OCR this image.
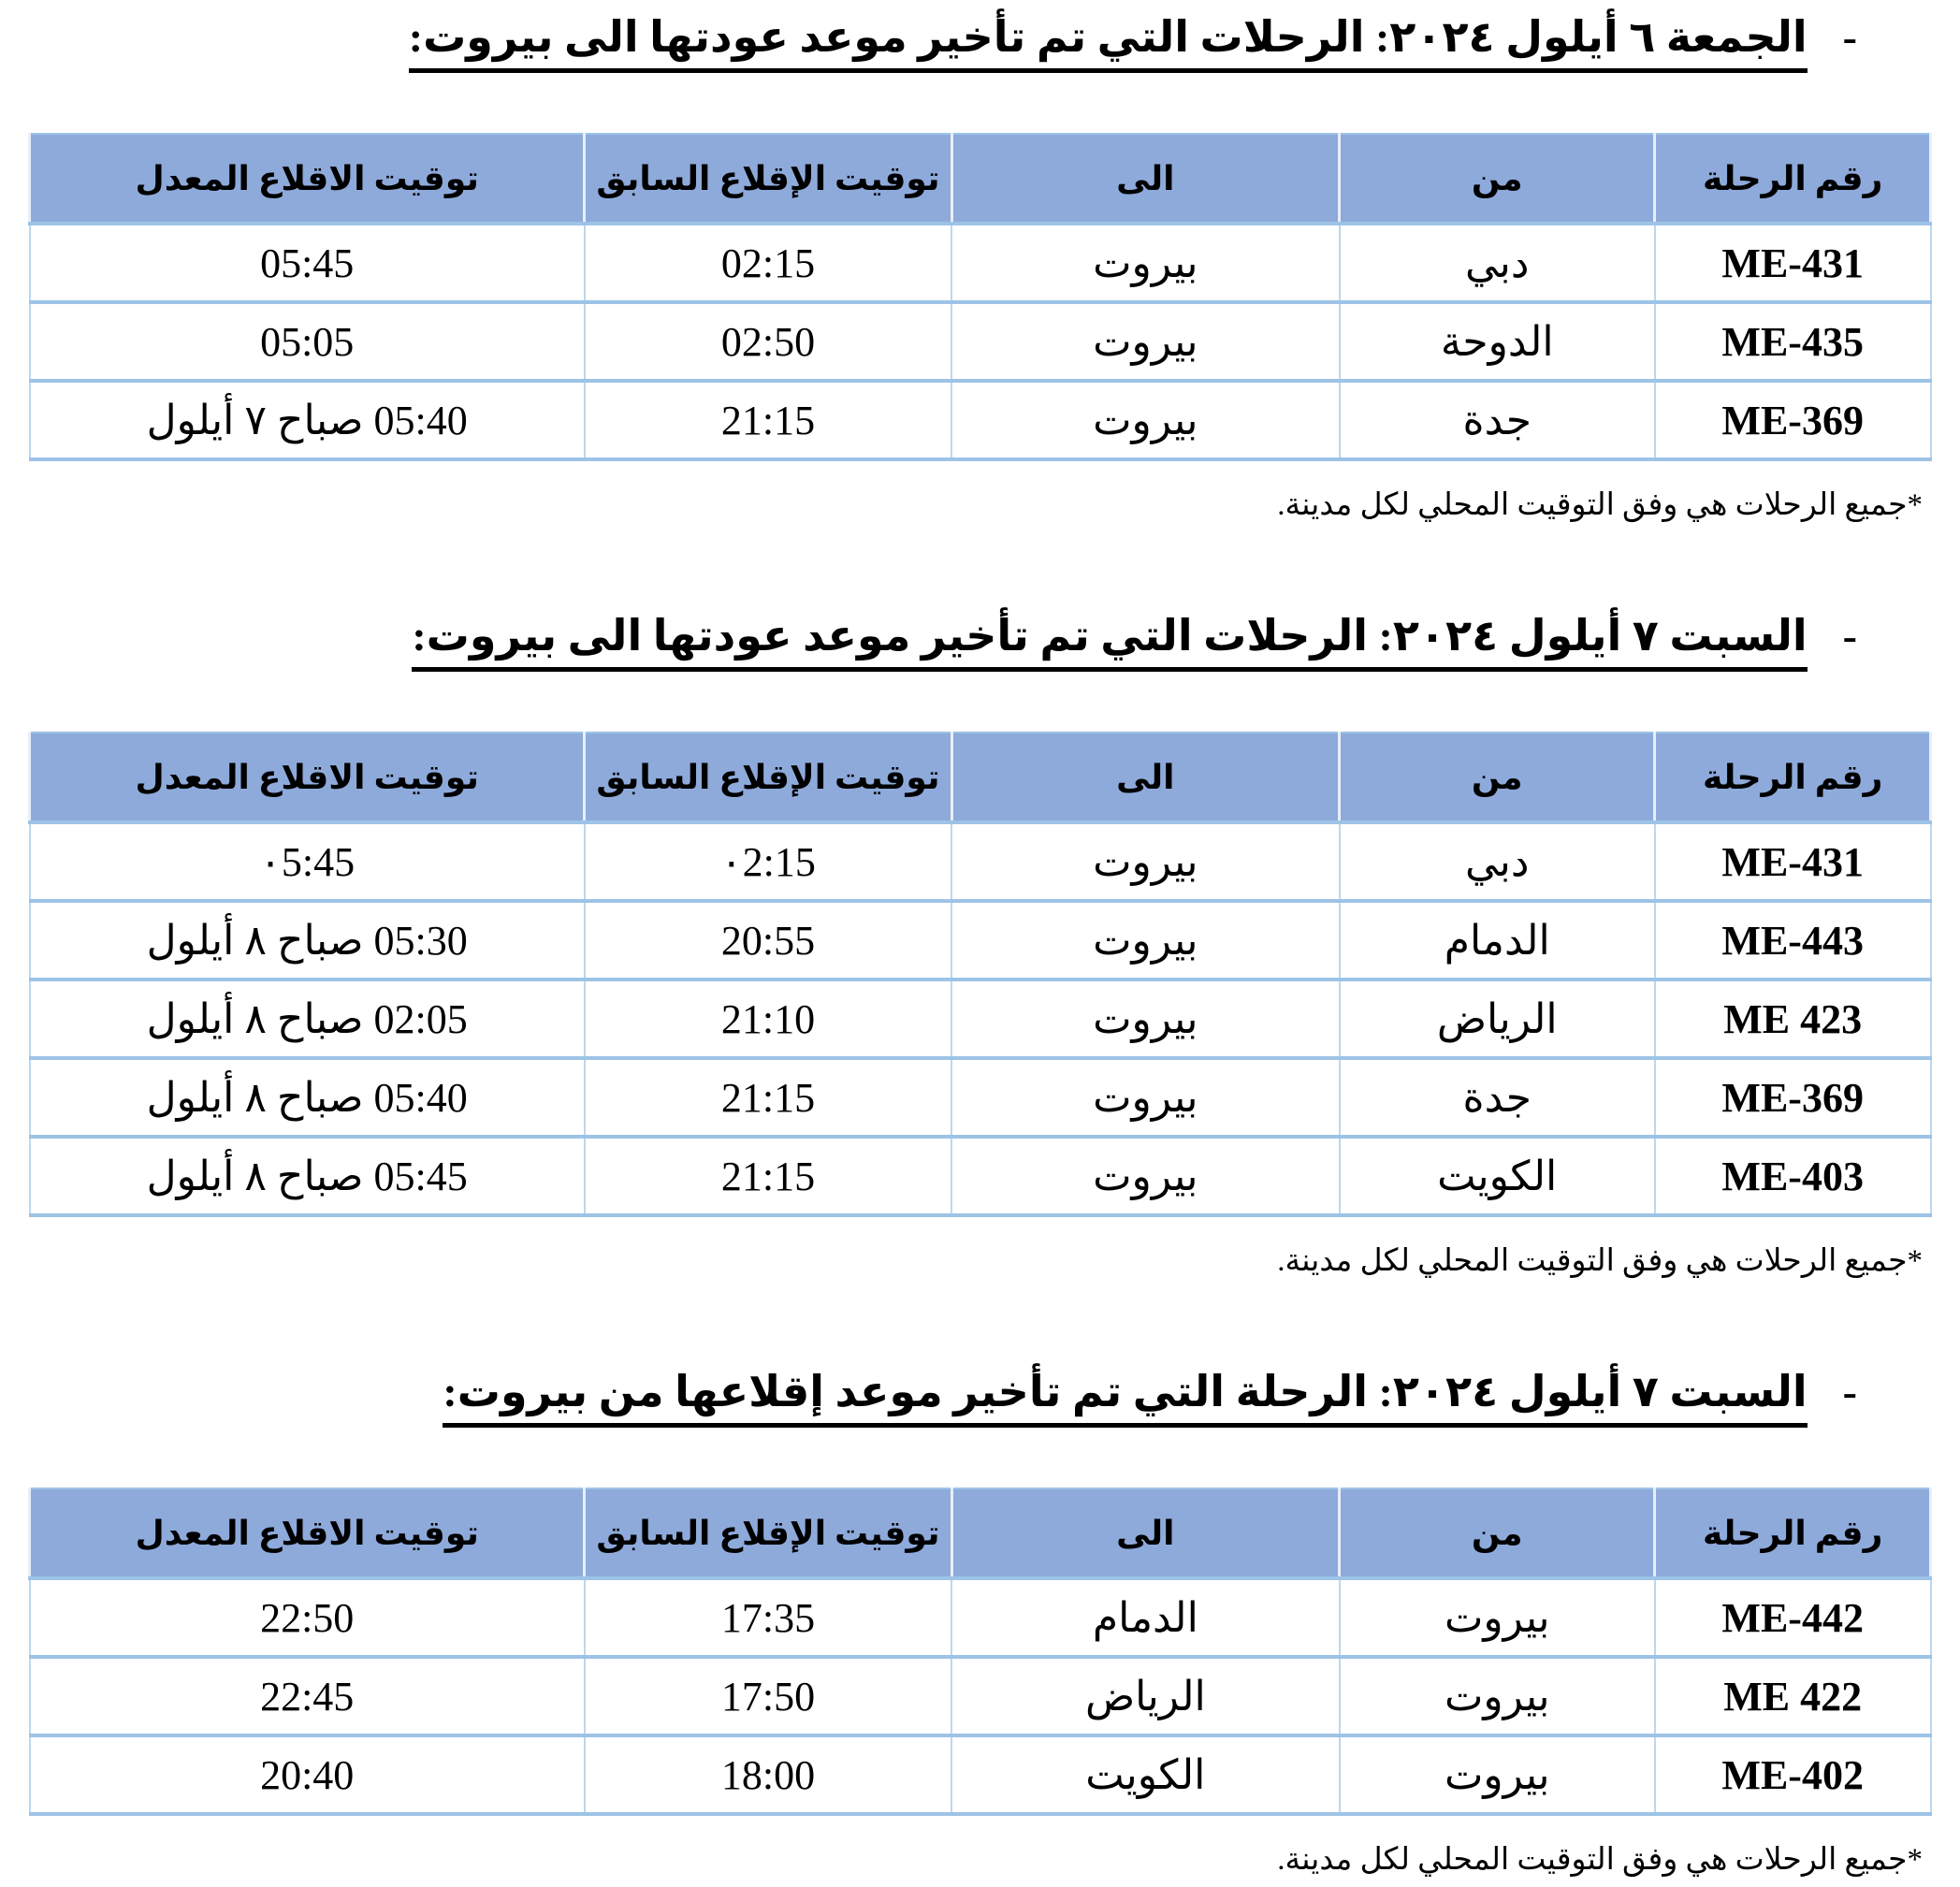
-
الجمعة ٦ أيلول ٢٠٢٤: الرحلات التي تم تأخير موعد عودتها الى بيروت:
رقم الرحلة	من	الى	توقيت الإقلاع السابق	توقيت الاقلاع المعدل
ME-431	دبي	بيروت	02:15	05:45
ME-435	الدوحة	بيروت	02:50	05:05
ME-369	جدة	بيروت	21:15	05:40 صباح ٧ أيلول

*جميع الرحلات هي وفق التوقيت المحلي لكل مدينة.

-
السبت ٧ أيلول ٢٠٢٤: الرحلات التي تم تأخير موعد عودتها الى بيروت:
رقم الرحلة	من	الى	توقيت الإقلاع السابق	توقيت الاقلاع المعدل
ME-431	دبي	بيروت	٠2:15	٠5:45
ME-443	الدمام	بيروت	20:55	05:30 صباح ٨ أيلول
ME 423	الرياض	بيروت	21:10	02:05 صباح ٨ أيلول
ME-369	جدة	بيروت	21:15	05:40 صباح ٨ أيلول
ME-403	الكويت	بيروت	21:15	05:45 صباح ٨ أيلول

*جميع الرحلات هي وفق التوقيت المحلي لكل مدينة.

-
السبت ٧ أيلول ٢٠٢٤: الرحلة التي تم تأخير موعد إقلاعها من بيروت:
رقم الرحلة	من	الى	توقيت الإقلاع السابق	توقيت الاقلاع المعدل
ME-442	بيروت	الدمام	17:35	22:50
ME 422	بيروت	الرياض	17:50	22:45
ME-402	بيروت	الكويت	18:00	20:40

*جميع الرحلات هي وفق التوقيت المحلي لكل مدينة.
